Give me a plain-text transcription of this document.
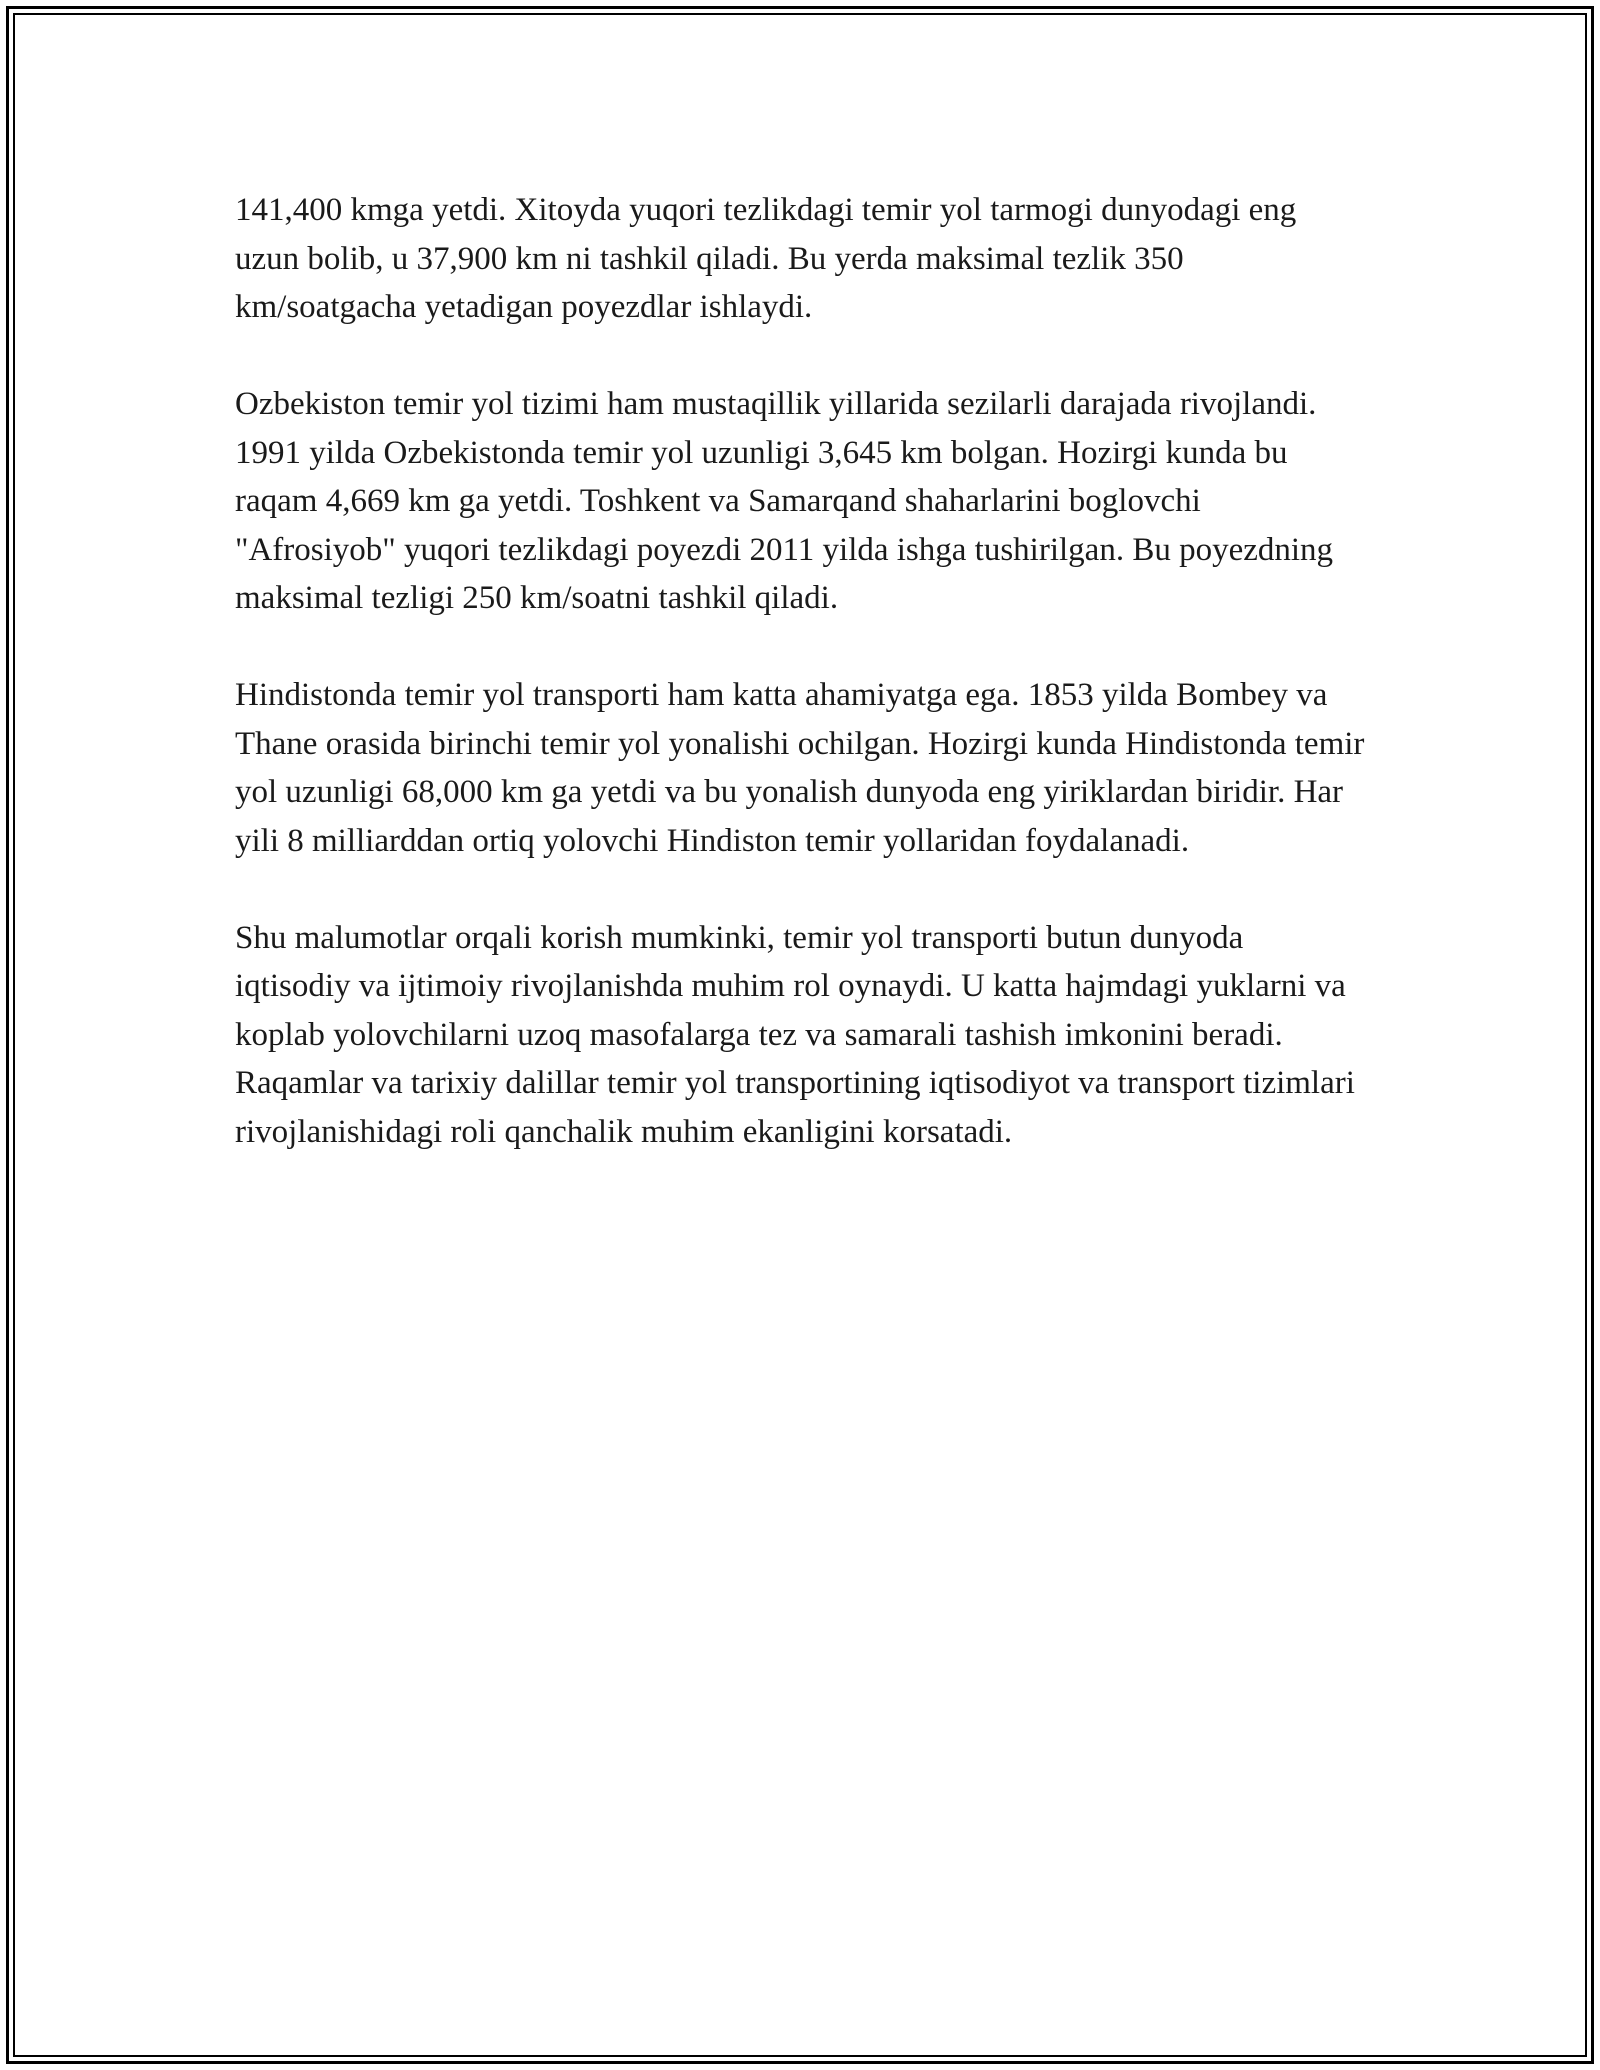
141,400 kmga yetdi. Xitoyda yuqori tezlikdagi temir yol tarmogi dunyodagi eng uzun bolib, u 37,900 km ni tashkil qiladi. Bu yerda maksimal tezlik 350 km/soatgacha yetadigan poyezdlar ishlaydi.

Ozbekiston temir yol tizimi ham mustaqillik yillarida sezilarli darajada rivojlandi. 1991 yilda Ozbekistonda temir yol uzunligi 3,645 km bolgan. Hozirgi kunda bu raqam 4,669 km ga yetdi. Toshkent va Samarqand shaharlarini boglovchi "Afrosiyob" yuqori tezlikdagi poyezdi 2011 yilda ishga tushirilgan. Bu poyezdning maksimal tezligi 250 km/soatni tashkil qiladi.

Hindistonda temir yol transporti ham katta ahamiyatga ega. 1853 yilda Bombey va Thane orasida birinchi temir yol yonalishi ochilgan. Hozirgi kunda Hindistonda temir yol uzunligi 68,000 km ga yetdi va bu yonalish dunyoda eng yiriklardan biridir. Har yili 8 milliarddan ortiq yolovchi Hindiston temir yollaridan foydalanadi.

Shu malumotlar orqali korish mumkinki, temir yol transporti butun dunyoda iqtisodiy va ijtimoiy rivojlanishda muhim rol oynaydi. U katta hajmdagi yuklarni va koplab yolovchilarni uzoq masofalarga tez va samarali tashish imkonini beradi. Raqamlar va tarixiy dalillar temir yol transportining iqtisodiyot va transport tizimlari rivojlanishidagi roli qanchalik muhim ekanligini korsatadi.
